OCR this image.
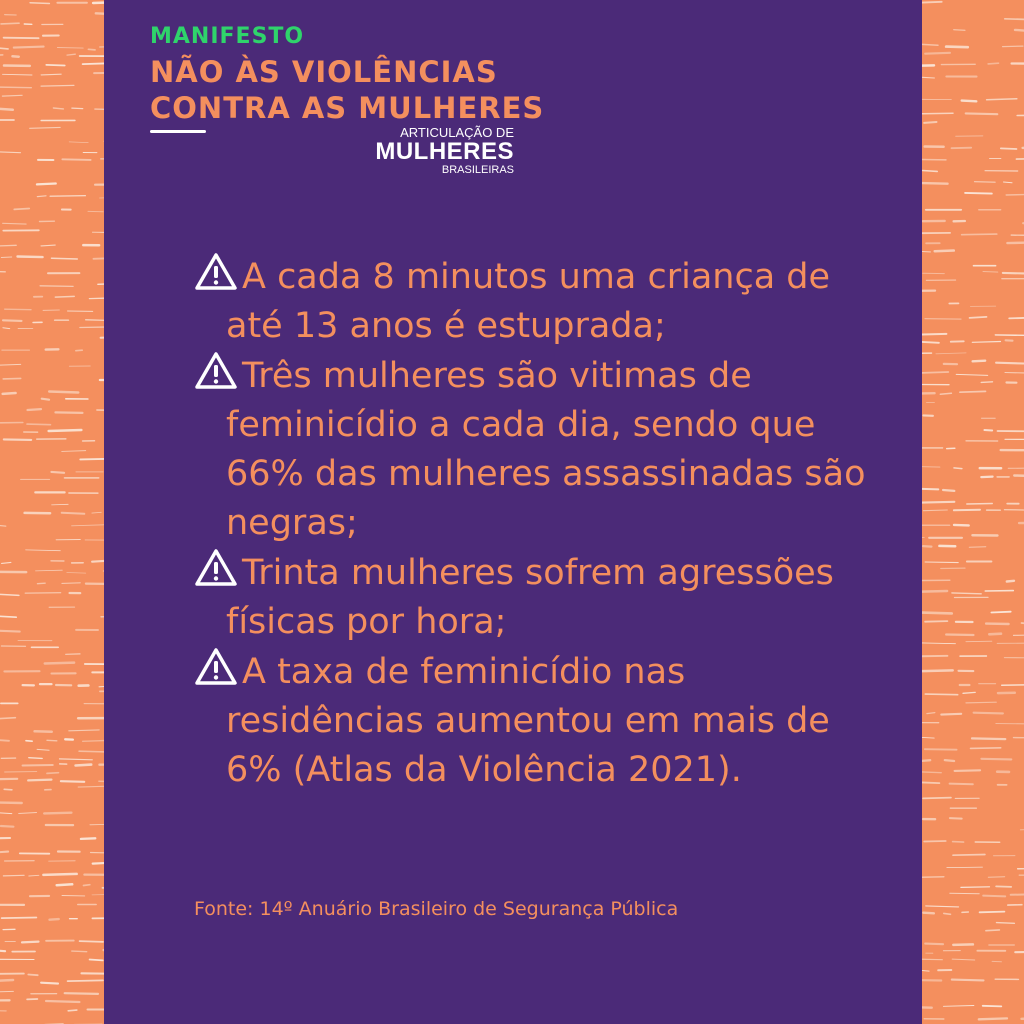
MANIFESTO

NÃO ÀS VIOLÊNCIAS
CONTRA AS MULHERES
ARTICULAÇÃO DE
MULHERES
BRASILEIRAS
A cada 8 minutos uma criança de até 13 anos é estuprada;
Três mulheres são vitimas de feminicídio a cada dia, sendo que 66% das mulheres assassinadas são negras;
Trinta mulheres sofrem agressões físicas por hora;
A taxa de feminicídio nas residências aumentou em mais de 6% (Atlas da Violência 2021).

Fonte: 14º Anuário Brasileiro de Segurança Pública
